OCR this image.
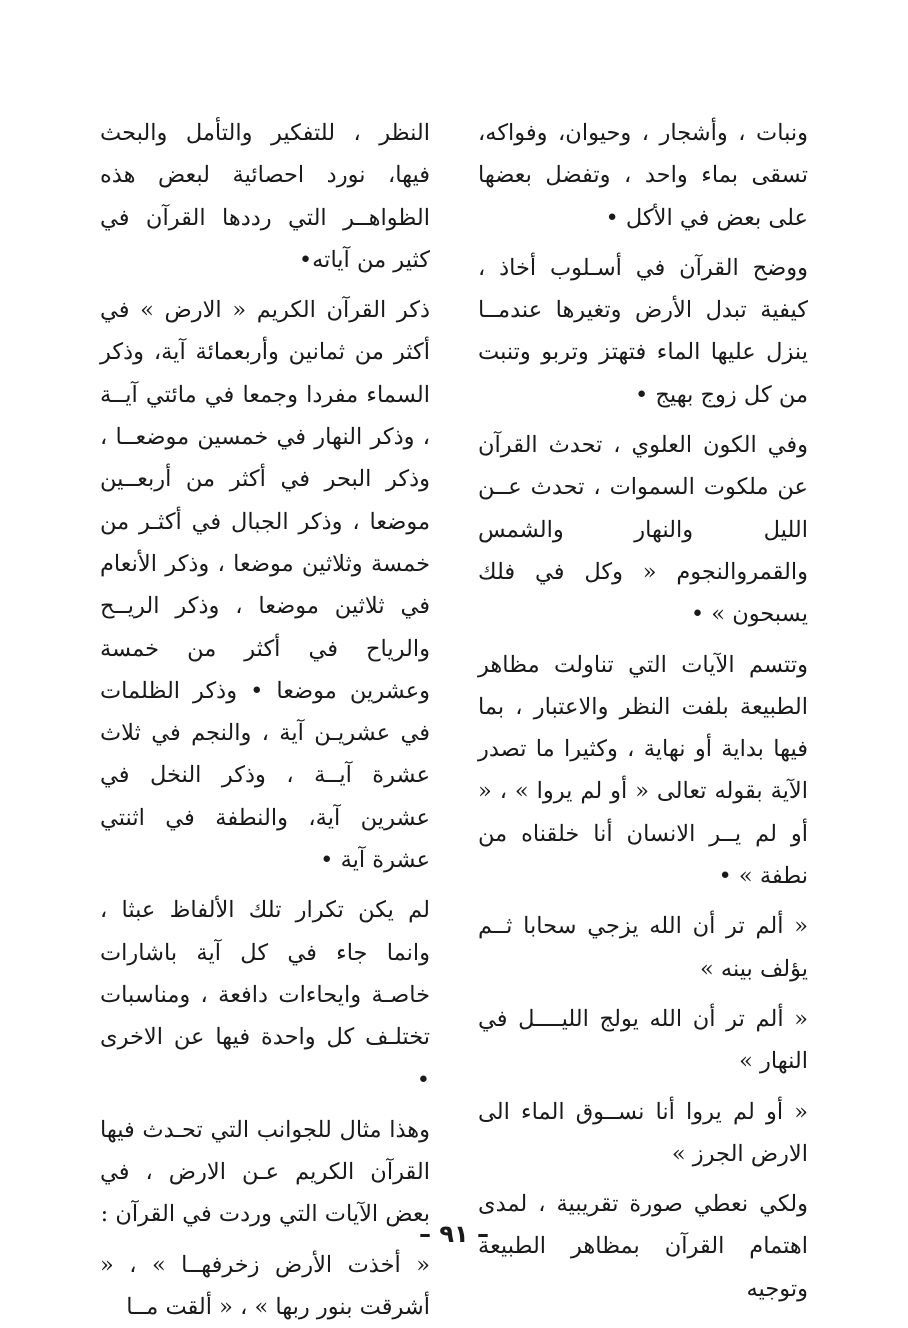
ونبات ، وأشجار ، وحيوان، وفواكه، تسقى بماء واحد ، وتفضل بعضها على بعض في الأكل •

ووضح القرآن في أسـلوب أخاذ ، كيفية تبدل الأرض وتغيرها عندمــا ينزل عليها الماء فتهتز وتربو وتنبت من كل زوج بهيج •

وفي الكون العلوي ، تحدث القرآن عن ملكوت السموات ، تحدث عــن الليل والنهار والشمس والقمروالنجوم « وكل في فلك يسبحون » •

وتتسم الآيات التي تناولت مظاهر الطبيعة بلفت النظر والاعتبار ، بما فيها بداية أو نهاية ، وكثيرا ما تصدر الآية بقوله تعالى « أو لم يروا » ، « أو لم يــر الانسان أنا خلقناه من نطفة » •

« ألم تر أن الله يزجي سحابا ثــم يؤلف بينه »

« ألم تر أن الله يولج الليــــل في النهار »

« أو لم يروا أنا نســوق الماء الى الارض الجرز »

ولكي نعطي صورة تقريبية ، لمدى اهتمام القرآن بمظاهر الطبيعة وتوجيه

النظر ، للتفكير والتأمل والبحث فيها، نورد احصائية لبعض هذه الظواهــر التي رددها القرآن في كثير من آياته•

ذكر القرآن الكريم « الارض » في أكثر من ثمانين وأربعمائة آية، وذكر السماء مفردا وجمعا في مائتي آيــة ، وذكر النهار في خمسين موضعــا ، وذكر البحر في أكثر من أربعــين موضعا ، وذكر الجبال في أكثـر من خمسة وثلاثين موضعا ، وذكر الأنعام في ثلاثين موضعا ، وذكر الريــح والرياح في أكثر من خمسة وعشرين موضعا • وذكر الظلمات في عشريـن آية ، والنجم في ثلاث عشرة آيــة ، وذكر النخل في عشرين آية، والنطفة في اثنتي عشرة آية •

لم يكن تكرار تلك الألفاظ عبثا ، وانما جاء في كل آية باشارات خاصـة وايحاءات دافعة ، ومناسبات تختلـف كل واحدة فيها عن الاخرى •

وهذا مثال للجوانب التي تحـدث فيها القرآن الكريم عـن الارض ، في بعض الآيات التي وردت في القرآن :

« أخذت الأرض زخرفهــا » ، « أشرقت بنور ربها » ، « ألقت مــا

– ٩١ –
